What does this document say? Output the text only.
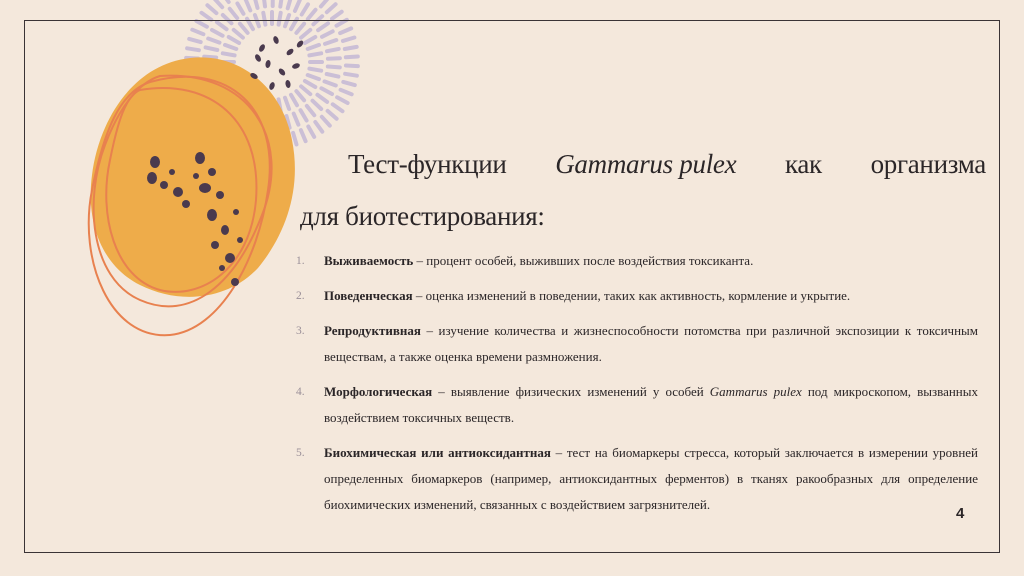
Тест-функции Gammarus pulex как организма
для биотестирования:
1. Выживаемость – процент особей, выживших после воздействия токсиканта.
2. Поведенческая – оценка изменений в поведении, таких как активность, кормление и укрытие.
3. Репродуктивная – изучение количества и жизнеспособности потомства при различной экспозиции к токсичным веществам, а также оценка времени размножения.
4. Морфологическая – выявление физических изменений у особей Gammarus pulex под микроскопом, вызванных воздействием токсичных веществ.
5. Биохимическая или антиоксидантная – тест на биомаркеры стресса, который заключается в измерении уровней определенных биомаркеров (например, антиоксидантных ферментов) в тканях ракообразных для определение биохимических изменений, связанных с воздействием загрязнителей.
4
